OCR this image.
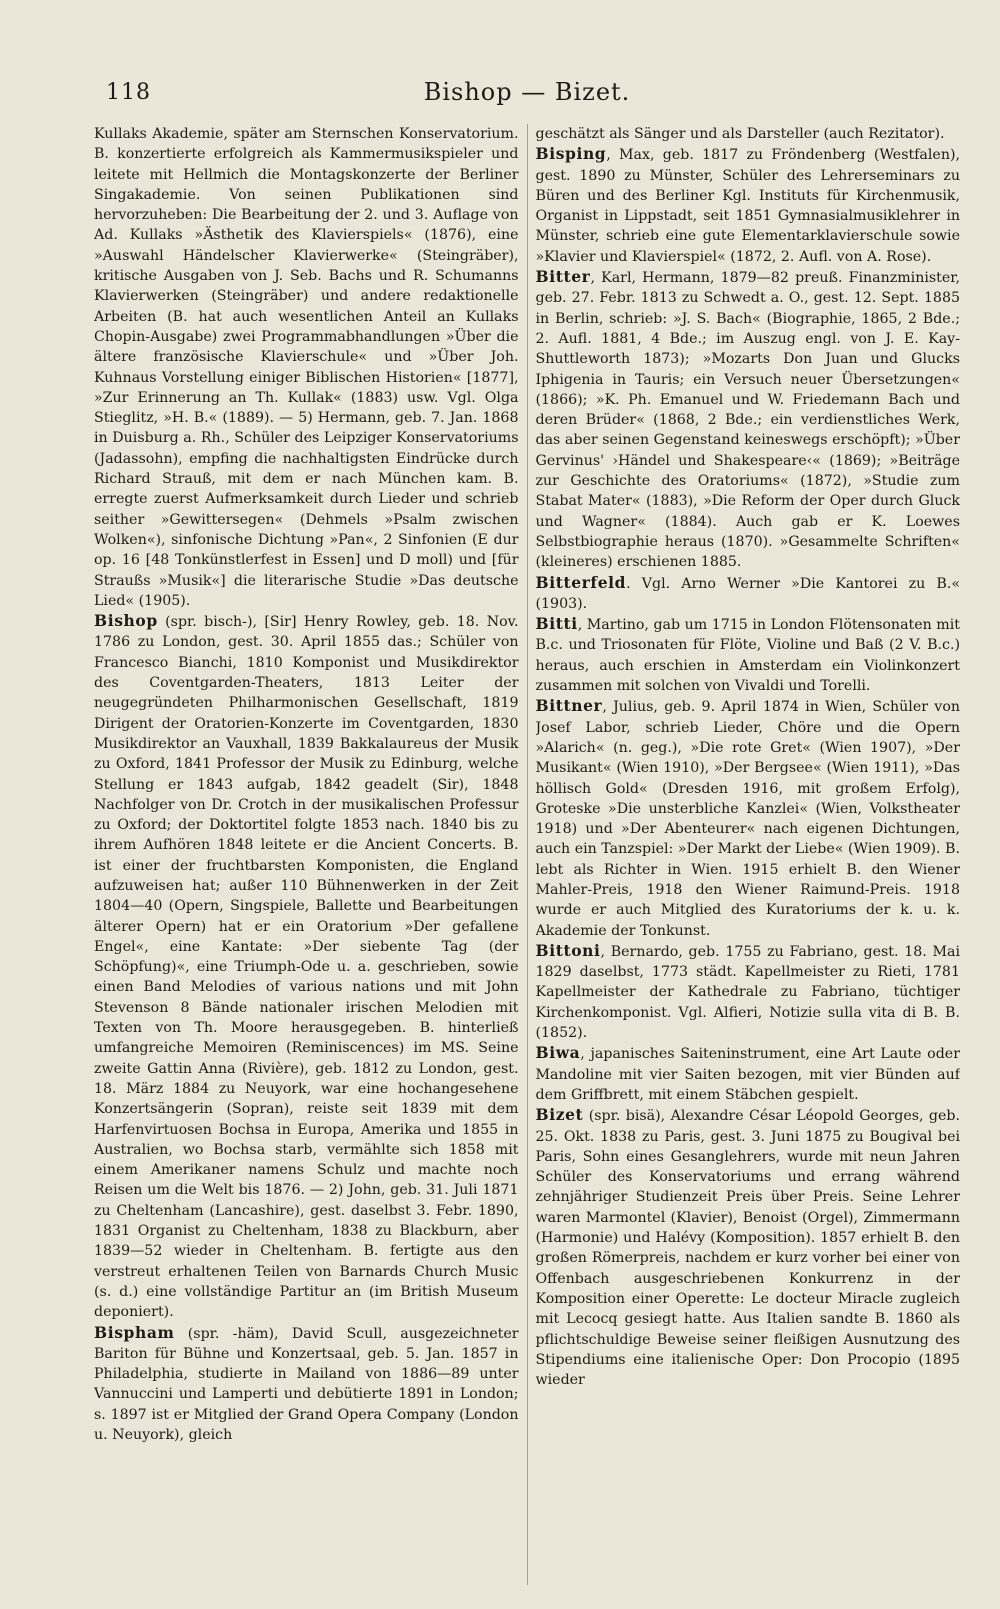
118	Bishop — Bizet.

Kullaks Akademie, später am Sternschen Konservatorium. B. konzertierte erfolgreich als Kammermusikspieler und leitete mit Hellmich die Montagskonzerte der Berliner Singakademie. Von seinen Publikationen sind hervorzuheben: Die Bearbeitung der 2. und 3. Auflage von Ad. Kullaks »Ästhetik des Klavierspiels« (1876), eine »Auswahl Händelscher Klavierwerke« (Steingräber), kritische Ausgaben von J. Seb. Bachs und R. Schumanns Klavierwerken (Steingräber) und andere redaktionelle Arbeiten (B. hat auch wesentlichen Anteil an Kullaks Chopin-Ausgabe) zwei Programmabhandlungen »Über die ältere französische Klavierschule« und »Über Joh. Kuhnaus Vorstellung einiger Biblischen Historien« [1877], »Zur Erinnerung an Th. Kullak« (1883) usw. Vgl. Olga Stieglitz, »H. B.« (1889). — 5) Hermann, geb. 7. Jan. 1868 in Duisburg a. Rh., Schüler des Leipziger Konservatoriums (Jadassohn), empfing die nachhaltigsten Eindrücke durch Richard Strauß, mit dem er nach München kam. B. erregte zuerst Aufmerksamkeit durch Lieder und schrieb seither »Gewittersegen« (Dehmels »Psalm zwischen Wolken«), sinfonische Dichtung »Pan«, 2 Sinfonien (E dur op. 16 [48 Tonkünstlerfest in Essen] und D moll) und [für Straußs »Musik«] die literarische Studie »Das deutsche Lied« (1905).

Bishop (spr. bisch-), [Sir] Henry Rowley, geb. 18. Nov. 1786 zu London, gest. 30. April 1855 das.; Schüler von Francesco Bianchi, 1810 Komponist und Musikdirektor des Coventgarden-Theaters, 1813 Leiter der neugegründeten Philharmonischen Gesellschaft, 1819 Dirigent der Oratorien-Konzerte im Coventgarden, 1830 Musikdirektor an Vauxhall, 1839 Bakkalaureus der Musik zu Oxford, 1841 Professor der Musik zu Edinburg, welche Stellung er 1843 aufgab, 1842 geadelt (Sir), 1848 Nachfolger von Dr. Crotch in der musikalischen Professur zu Oxford; der Doktortitel folgte 1853 nach. 1840 bis zu ihrem Aufhören 1848 leitete er die Ancient Concerts. B. ist einer der fruchtbarsten Komponisten, die England aufzuweisen hat; außer 110 Bühnenwerken in der Zeit 1804—40 (Opern, Singspiele, Ballette und Bearbeitungen älterer Opern) hat er ein Oratorium »Der gefallene Engel«, eine Kantate: »Der siebente Tag (der Schöpfung)«, eine Triumph-Ode u. a. geschrieben, sowie einen Band Melodies of various nations und mit John Stevenson 8 Bände nationaler irischen Melodien mit Texten von Th. Moore herausgegeben. B. hinterließ umfangreiche Memoiren (Reminiscences) im MS. Seine zweite Gattin Anna (Rivière), geb. 1812 zu London, gest. 18. März 1884 zu Neuyork, war eine hochangesehene Konzertsängerin (Sopran), reiste seit 1839 mit dem Harfenvirtuosen Bochsa in Europa, Amerika und 1855 in Australien, wo Bochsa starb, vermählte sich 1858 mit einem Amerikaner namens Schulz und machte noch Reisen um die Welt bis 1876. — 2) John, geb. 31. Juli 1871 zu Cheltenham (Lancashire), gest. daselbst 3. Febr. 1890, 1831 Organist zu Cheltenham, 1838 zu Blackburn, aber 1839—52 wieder in Cheltenham. B. fertigte aus den verstreut erhaltenen Teilen von Barnards Church Music (s. d.) eine vollständige Partitur an (im British Museum deponiert).

Bispham (spr. -häm), David Scull, ausgezeichneter Bariton für Bühne und Konzertsaal, geb. 5. Jan. 1857 in Philadelphia, studierte in Mailand von 1886—89 unter Vannuccini und Lamperti und debütierte 1891 in London; s. 1897 ist er Mitglied der Grand Opera Company (London u. Neuyork), gleich

geschätzt als Sänger und als Darsteller (auch Rezitator).

Bisping, Max, geb. 1817 zu Fröndenberg (Westfalen), gest. 1890 zu Münster, Schüler des Lehrerseminars zu Büren und des Berliner Kgl. Instituts für Kirchenmusik, Organist in Lippstadt, seit 1851 Gymnasialmusiklehrer in Münster, schrieb eine gute Elementarklavierschule sowie »Klavier und Klavierspiel« (1872, 2. Aufl. von A. Rose).

Bitter, Karl, Hermann, 1879—82 preuß. Finanzminister, geb. 27. Febr. 1813 zu Schwedt a. O., gest. 12. Sept. 1885 in Berlin, schrieb: »J. S. Bach« (Biographie, 1865, 2 Bde.; 2. Aufl. 1881, 4 Bde.; im Auszug engl. von J. E. Kay-Shuttleworth 1873); »Mozarts Don Juan und Glucks Iphigenia in Tauris; ein Versuch neuer Übersetzungen« (1866); »K. Ph. Emanuel und W. Friedemann Bach und deren Brüder« (1868, 2 Bde.; ein verdienstliches Werk, das aber seinen Gegenstand keineswegs erschöpft); »Über Gervinus' ›Händel und Shakespeare‹« (1869); »Beiträge zur Geschichte des Oratoriums« (1872), »Studie zum Stabat Mater« (1883), »Die Reform der Oper durch Gluck und Wagner« (1884). Auch gab er K. Loewes Selbstbiographie heraus (1870). »Gesammelte Schriften« (kleineres) erschienen 1885.

Bitterfeld. Vgl. Arno Werner »Die Kantorei zu B.« (1903).

Bitti, Martino, gab um 1715 in London Flötensonaten mit B.c. und Triosonaten für Flöte, Violine und Baß (2 V. B.c.) heraus, auch erschien in Amsterdam ein Violinkonzert zusammen mit solchen von Vivaldi und Torelli.

Bittner, Julius, geb. 9. April 1874 in Wien, Schüler von Josef Labor, schrieb Lieder, Chöre und die Opern »Alarich« (n. geg.), »Die rote Gret« (Wien 1907), »Der Musikant« (Wien 1910), »Der Bergsee« (Wien 1911), »Das höllisch Gold« (Dresden 1916, mit großem Erfolg), Groteske »Die unsterbliche Kanzlei« (Wien, Volkstheater 1918) und »Der Abenteurer« nach eigenen Dichtungen, auch ein Tanzspiel: »Der Markt der Liebe« (Wien 1909). B. lebt als Richter in Wien. 1915 erhielt B. den Wiener Mahler-Preis, 1918 den Wiener Raimund-Preis. 1918 wurde er auch Mitglied des Kuratoriums der k. u. k. Akademie der Tonkunst.

Bittoni, Bernardo, geb. 1755 zu Fabriano, gest. 18. Mai 1829 daselbst, 1773 städt. Kapellmeister zu Rieti, 1781 Kapellmeister der Kathedrale zu Fabriano, tüchtiger Kirchenkomponist. Vgl. Alfieri, Notizie sulla vita di B. B. (1852).

Biwa, japanisches Saiteninstrument, eine Art Laute oder Mandoline mit vier Saiten bezogen, mit vier Bünden auf dem Griffbrett, mit einem Stäbchen gespielt.

Bizet (spr. bisä), Alexandre César Léopold Georges, geb. 25. Okt. 1838 zu Paris, gest. 3. Juni 1875 zu Bougival bei Paris, Sohn eines Gesanglehrers, wurde mit neun Jahren Schüler des Konservatoriums und errang während zehnjähriger Studienzeit Preis über Preis. Seine Lehrer waren Marmontel (Klavier), Benoist (Orgel), Zimmermann (Harmonie) und Halévy (Komposition). 1857 erhielt B. den großen Römerpreis, nachdem er kurz vorher bei einer von Offenbach ausgeschriebenen Konkurrenz in der Komposition einer Operette: Le docteur Miracle zugleich mit Lecocq gesiegt hatte. Aus Italien sandte B. 1860 als pflichtschuldige Beweise seiner fleißigen Ausnutzung des Stipendiums eine italienische Oper: Don Procopio (1895 wieder
